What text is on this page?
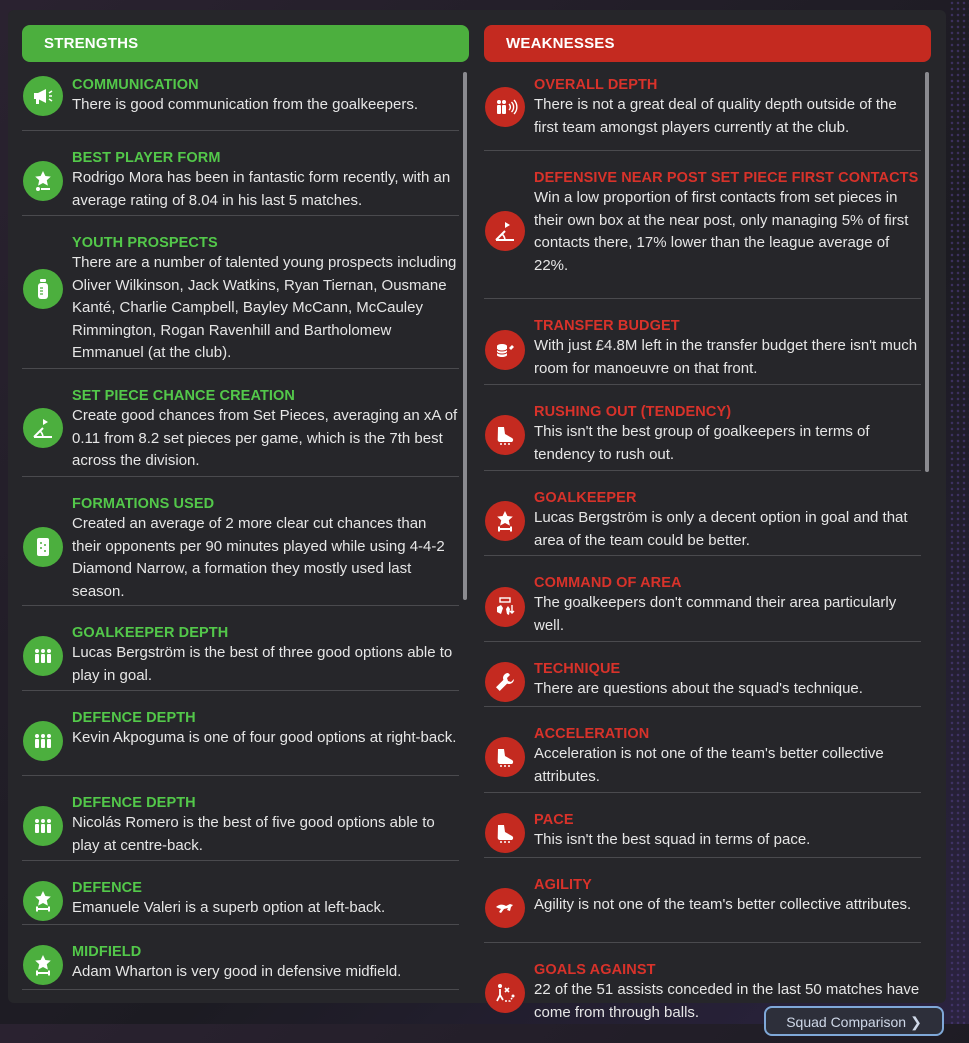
STRENGTHS
COMMUNICATION
There is good communication from the goalkeepers.
BEST PLAYER FORM
Rodrigo Mora has been in fantastic form recently, with an average rating of 8.04 in his last 5 matches.
YOUTH PROSPECTS
There are a number of talented young prospects including Oliver Wilkinson, Jack Watkins, Ryan Tiernan, Ousmane Kanté, Charlie Campbell, Bayley McCann, McCauley Rimmington, Rogan Ravenhill and Bartholomew Emmanuel (at the club).
SET PIECE CHANCE CREATION
Create good chances from Set Pieces, averaging an xA of 0.11 from 8.2 set pieces per game, which is the 7th best across the division.
FORMATIONS USED
Created an average of 2 more clear cut chances than their opponents per 90 minutes played while using 4-4-2 Diamond Narrow, a formation they mostly used last season.
GOALKEEPER DEPTH
Lucas Bergström is the best of three good options able to play in goal.
DEFENCE DEPTH
Kevin Akpoguma is one of four good options at right-back.
DEFENCE DEPTH
Nicolás Romero is the best of five good options able to play at centre-back.
DEFENCE
Emanuele Valeri is a superb option at left-back.
MIDFIELD
Adam Wharton is very good in defensive midfield.
WEAKNESSES
OVERALL DEPTH
There is not a great deal of quality depth outside of the first team amongst players currently at the club.
DEFENSIVE NEAR POST SET PIECE FIRST CONTACTS
Win a low proportion of first contacts from set pieces in their own box at the near post, only managing 5% of first contacts there, 17% lower than the league average of 22%.
TRANSFER BUDGET
With just £4.8M left in the transfer budget there isn't much room for manoeuvre on that front.
RUSHING OUT (TENDENCY)
This isn't the best group of goalkeepers in terms of tendency to rush out.
GOALKEEPER
Lucas Bergström is only a decent option in goal and that area of the team could be better.
COMMAND OF AREA
The goalkeepers don't command their area particularly well.
TECHNIQUE
There are questions about the squad's technique.
ACCELERATION
Acceleration is not one of the team's better collective attributes.
PACE
This isn't the best squad in terms of pace.
AGILITY
Agility is not one of the team's better collective attributes.
GOALS AGAINST
22 of the 51 assists conceded in the last 50 matches have come from through balls.
Squad Comparison ❯
